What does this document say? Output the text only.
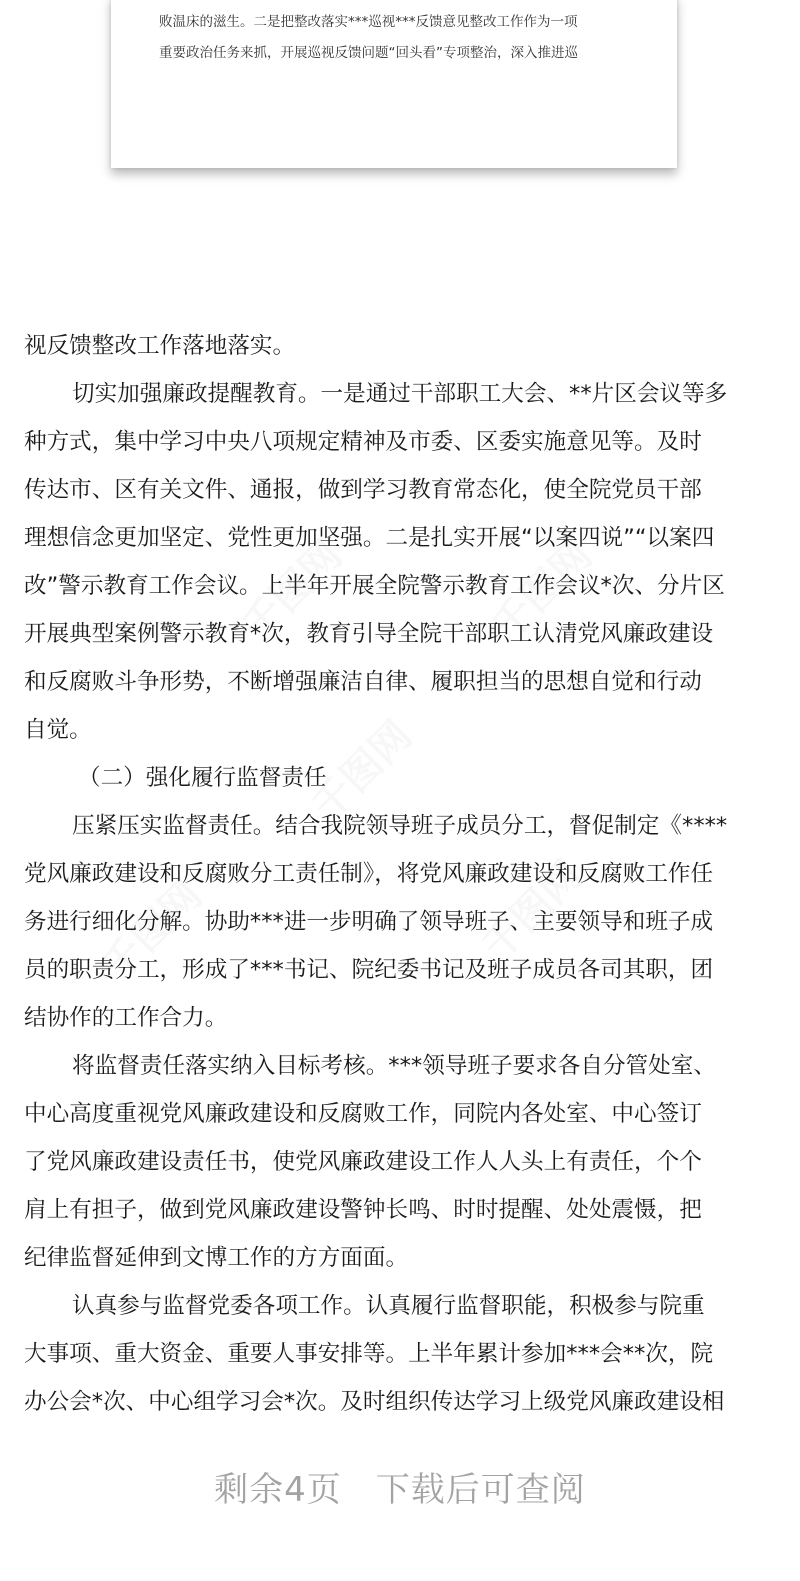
败温床的滋生。二是把整改落实***巡视***反馈意见整改工作作为一项
重要政治任务来抓，开展巡视反馈问题“回头看”专项整治，深入推进巡
千图网	千图网
千图网
千图网	千图网
视反馈整改工作落地落实。
切实加强廉政提醒教育。一是通过干部职工大会、**片区会议等多
种方式，集中学习中央八项规定精神及市委、区委实施意见等。及时
传达市、区有关文件、通报，做到学习教育常态化，使全院党员干部
理想信念更加坚定、党性更加坚强。二是扎实开展“以案四说”“以案四
改”警示教育工作会议。上半年开展全院警示教育工作会议*次、分片区
开展典型案例警示教育*次，教育引导全院干部职工认清党风廉政建设
和反腐败斗争形势，不断增强廉洁自律、履职担当的思想自觉和行动
自觉。
（二）强化履行监督责任
压紧压实监督责任。结合我院领导班子成员分工，督促制定《****
党风廉政建设和反腐败分工责任制》，将党风廉政建设和反腐败工作任
务进行细化分解。协助***进一步明确了领导班子、主要领导和班子成
员的职责分工，形成了***书记、院纪委书记及班子成员各司其职，团
结协作的工作合力。
将监督责任落实纳入目标考核。***领导班子要求各自分管处室、
中心高度重视党风廉政建设和反腐败工作，同院内各处室、中心签订
了党风廉政建设责任书，使党风廉政建设工作人人头上有责任，个个
肩上有担子，做到党风廉政建设警钟长鸣、时时提醒、处处震慑，把
纪律监督延伸到文博工作的方方面面。
认真参与监督党委各项工作。认真履行监督职能，积极参与院重
大事项、重大资金、重要人事安排等。上半年累计参加***会**次，院
办公会*次、中心组学习会*次。及时组织传达学习上级党风廉政建设相
剩余4页 下载后可查阅
